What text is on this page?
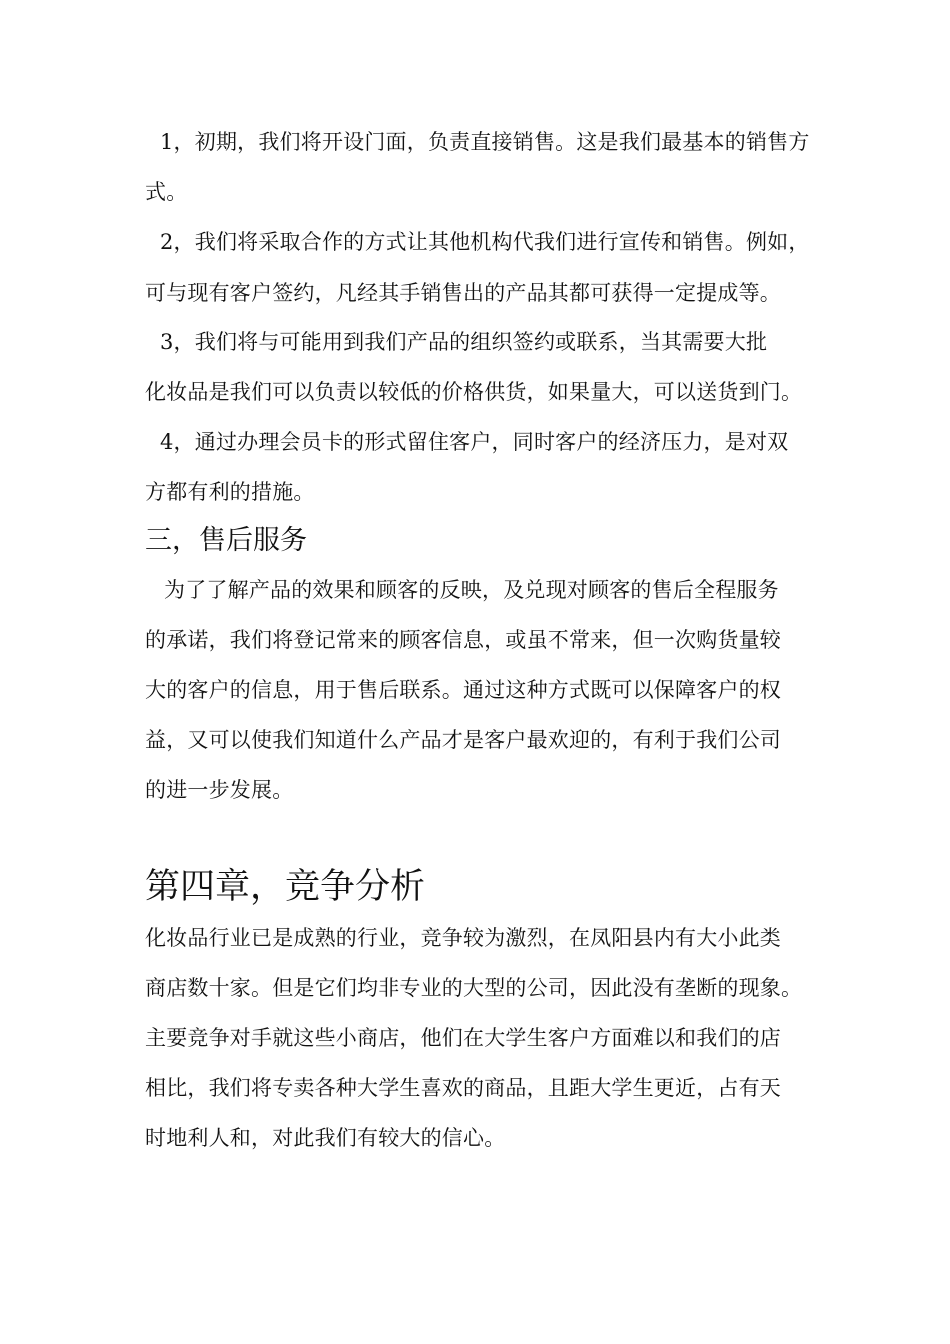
1，初期，我们将开设门面，负责直接销售。这是我们最基本的销售方
式。
2，我们将采取合作的方式让其他机构代我们进行宣传和销售。例如，
可与现有客户签约，凡经其手销售出的产品其都可获得一定提成等。
3，我们将与可能用到我们产品的组织签约或联系，当其需要大批
化妆品是我们可以负责以较低的价格供货，如果量大，可以送货到门。
4，通过办理会员卡的形式留住客户，同时客户的经济压力，是对双
方都有利的措施。
三，售后服务
为了了解产品的效果和顾客的反映，及兑现对顾客的售后全程服务
的承诺，我们将登记常来的顾客信息，或虽不常来，但一次购货量较
大的客户的信息，用于售后联系。通过这种方式既可以保障客户的权
益，又可以使我们知道什么产品才是客户最欢迎的，有利于我们公司
的进一步发展。
第四章，竞争分析
化妆品行业已是成熟的行业，竞争较为激烈，在凤阳县内有大小此类
商店数十家。但是它们均非专业的大型的公司，因此没有垄断的现象。
主要竞争对手就这些小商店，他们在大学生客户方面难以和我们的店
相比，我们将专卖各种大学生喜欢的商品，且距大学生更近，占有天
时地利人和，对此我们有较大的信心。
